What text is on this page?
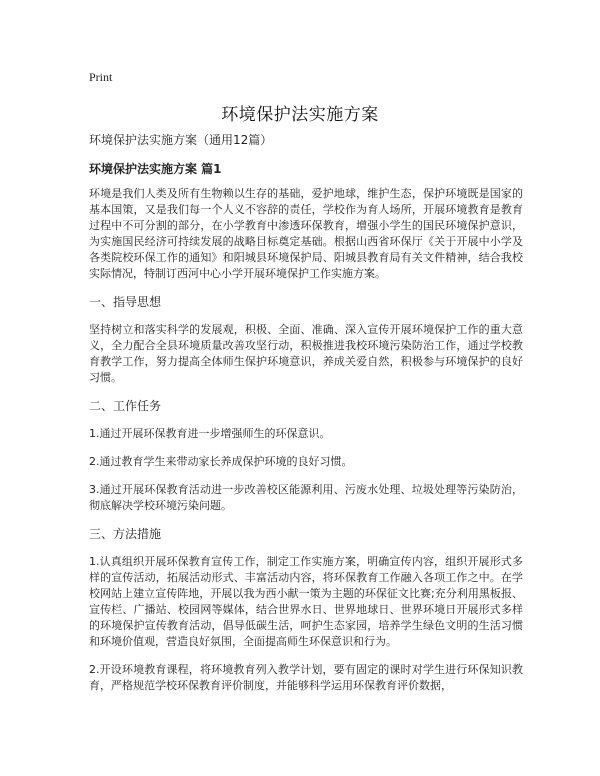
Print
环境保护法实施方案
环境保护法实施方案（通用12篇）
环境保护法实施方案 篇1

环境是我们人类及所有生物赖以生存的基础，爱护地球，维护生态，保护环境既是国家的基本国策，又是我们每一个人义不容辞的责任，学校作为育人场所，开展环境教育是教育过程中不可分割的部分，在小学教育中渗透环保教育，增强小学生的国民环境保护意识，为实施国民经济可持续发展的战略目标奠定基础。根据山西省环保厅《关于开展中小学及各类院校环保工作的通知》和阳城县环境保护局、阳城县教育局有关文件精神，结合我校实际情况，特制订西河中心小学开展环境保护工作实施方案。

一、指导思想

坚持树立和落实科学的发展观，积极、全面、准确、深入宣传开展环境保护工作的重大意义，全力配合全县环境质量改善攻坚行动，积极推进我校环境污染防治工作，通过学校教育教学工作，努力提高全体师生保护环境意识，养成关爱自然，积极参与环境保护的良好习惯。

二、工作任务

1.通过开展环保教育进一步增强师生的环保意识。

2.通过教育学生来带动家长养成保护环境的良好习惯。

3.通过开展环保教育活动进一步改善校区能源利用、污废水处理、垃圾处理等污染防治，彻底解决学校环境污染问题。

三、方法措施

1.认真组织开展环保教育宣传工作，制定工作实施方案，明确宣传内容，组织开展形式多样的宣传活动，拓展活动形式、丰富活动内容，将环保教育工作融入各项工作之中。在学校网站上建立宣传阵地，开展以我为西小献一策为主题的环保征文比赛;充分利用黑板报、宣传栏、广播站、校园网等媒体，结合世界水日、世界地球日、世界环境日开展形式多样的环境保护宣传教育活动，倡导低碳生活，呵护生态家园，培养学生绿色文明的生活习惯和环境价值观，营造良好氛围，全面提高师生环保意识和行为。

2.开设环境教育课程，将环境教育列入教学计划，要有固定的课时对学生进行环保知识教育，严格规范学校环保教育评价制度，并能够科学运用环保教育评价数据，
